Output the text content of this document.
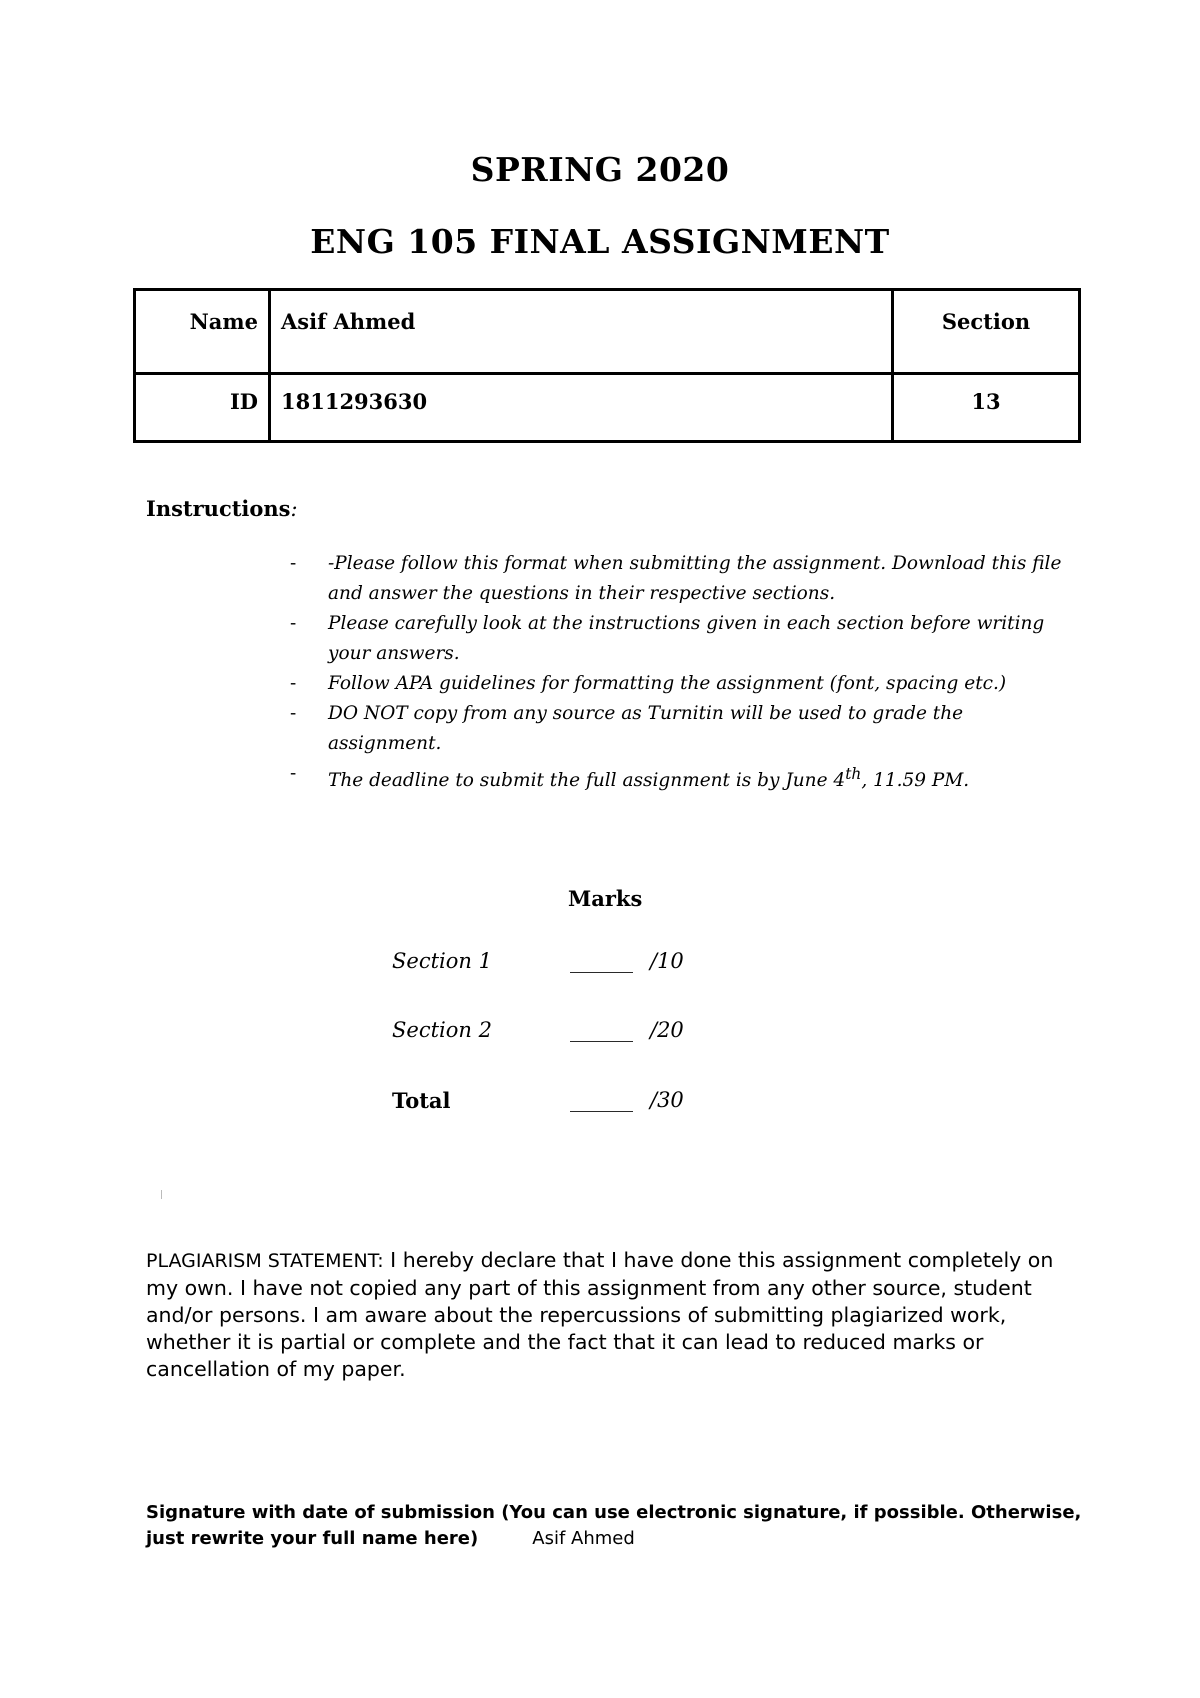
SPRING 2020
ENG 105 FINAL ASSIGNMENT
Name	Asif Ahmed	Section
ID	1811293630	13
Instructions:
- -Please follow this format when submitting the assignment. Download this file and answer the questions in their respective sections.
- Please carefully look at the instructions given in each section before writing your answers.
- Follow APA guidelines for formatting the assignment (font, spacing etc.)
- DO NOT copy from any source as Turnitin will be used to grade the assignment.
- The deadline to submit the full assignment is by June 4th, 11.59 PM.
Marks
Section 1	______ /10
Section 2	______ /20
Total	______ /30
PLAGIARISM STATEMENT: I hereby declare that I have done this assignment completely on my own. I have not copied any part of this assignment from any other source, student and/or persons. I am aware about the repercussions of submitting plagiarized work, whether it is partial or complete and the fact that it can lead to reduced marks or cancellation of my paper.
Signature with date of submission (You can use electronic signature, if possible. Otherwise, just rewrite your full name here)	Asif Ahmed
